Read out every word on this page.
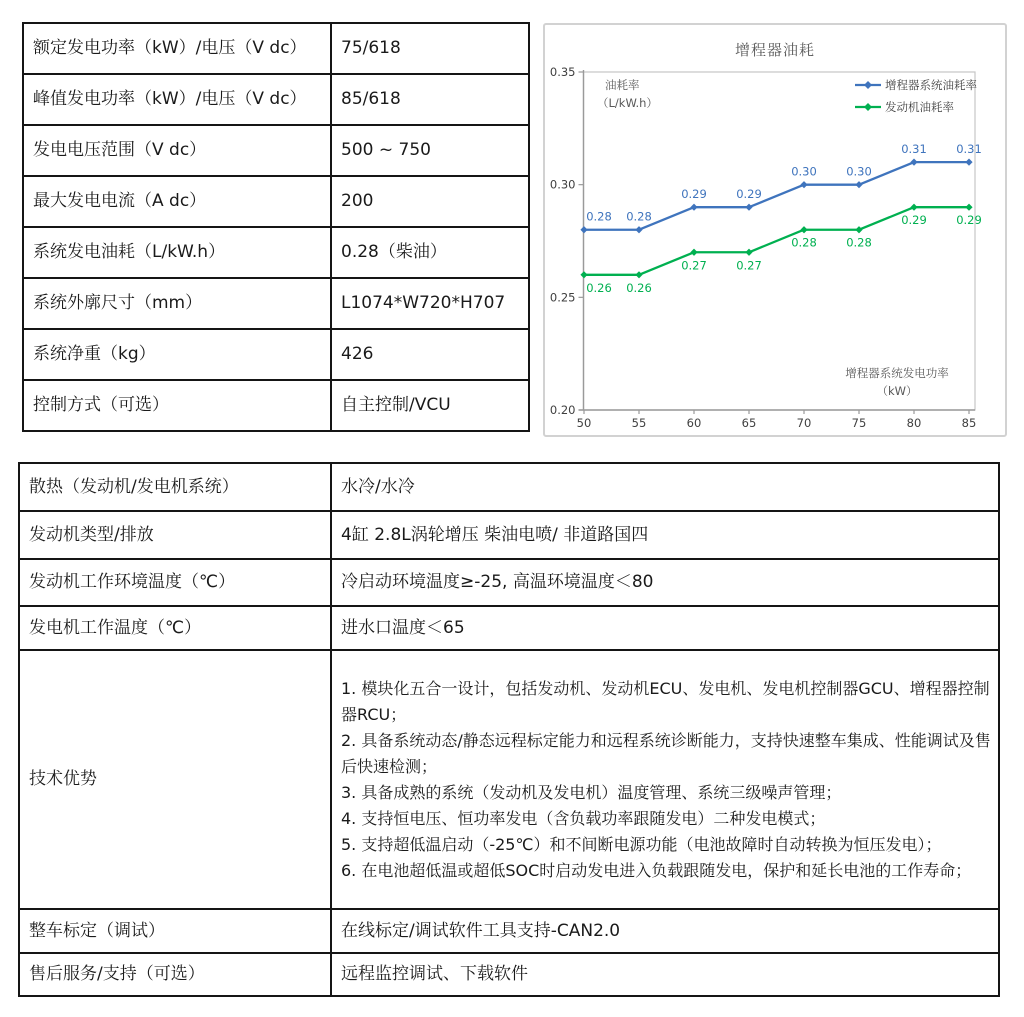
额定发电功率（kW）/电压（V dc）	75/618
峰值发电功率（kW）/电压（V dc）	85/618
发电电压范围（V dc）	500 ~ 750
最大发电电流（A dc）	200
系统发电油耗（L/kW.h）	0.28（柴油）
系统外廓尺寸（mm）	L1074*W720*H707
系统净重（kg）	426
控制方式（可选）	自主控制/VCU
增程器油耗
0.35
0.30
0.25
0.20
50	55	60	65	70	75	80	85
油耗率
（L/kW.h）
增程器系统发电功率
（kW）
增程器系统油耗率
发动机油耗率
0.28 0.28
0.29	0.29
0.30	0.30
0.31	0.31
0.26 0.26
0.27	0.27
0.28	0.28
0.29	0.29
散热（发动机/发电机系统）	水冷/水冷
发动机类型/排放	4缸 2.8L涡轮增压 柴油电喷/ 非道路国四
发动机工作环境温度（℃）	冷启动环境温度≥-25, 高温环境温度＜80
发电机工作温度（℃）	进水口温度＜65
技术优势	
1. 模块化五合一设计，包括发动机、发动机ECU、发电机、发电机控制器GCU、增程器控制器RCU；
2. 具备系统动态/静态远程标定能力和远程系统诊断能力，支持快速整车集成、性能调试及售后快速检测；
3. 具备成熟的系统（发动机及发电机）温度管理、系统三级噪声管理；
4. 支持恒电压、恒功率发电（含负载功率跟随发电）二种发电模式；
5. 支持超低温启动（-25℃）和不间断电源功能（电池故障时自动转换为恒压发电）；
6. 在电池超低温或超低SOC时启动发电进入负载跟随发电，保护和延长电池的工作寿命；

整车标定（调试）	在线标定/调试软件工具支持-CAN2.0
售后服务/支持（可选）	远程监控调试、下载软件
